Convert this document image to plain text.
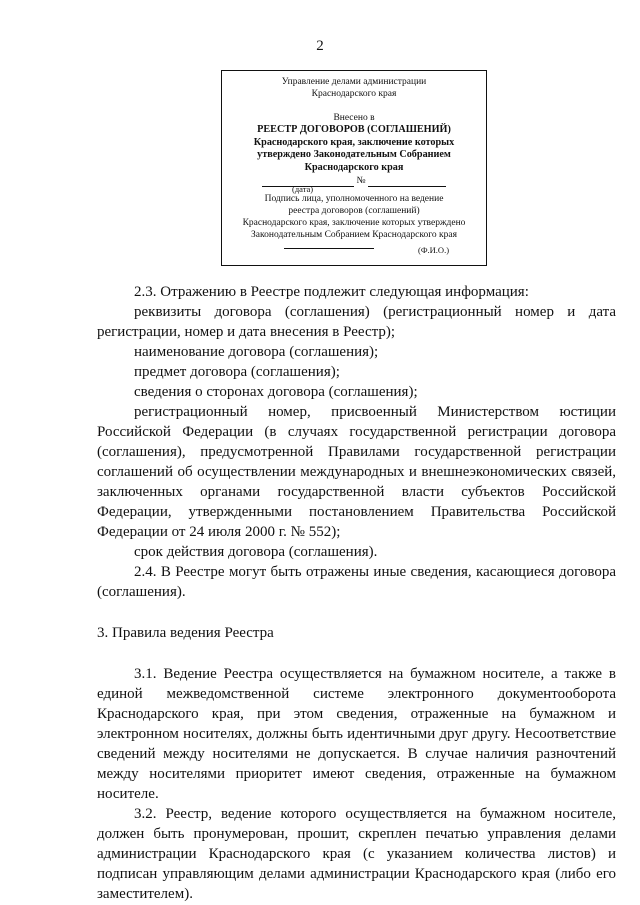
2
Управление делами администрации
Краснодарского края
Внесено в
РЕЕСТР ДОГОВОРОВ (СОГЛАШЕНИЙ)
Краснодарского края, заключение которых
утверждено Законодательным Собранием
Краснодарского края
№
(дата)
Подпись лица, уполномоченного на ведение
реестра договоров (соглашений)
Краснодарского края, заключение которых утверждено
Законодательным Собранием Краснодарского края
(Ф.И.О.)

2.3. Отражению в Реестре подлежит следующая информация:

реквизиты договора (соглашения) (регистрационный номер и дата

регистрации, номер и дата внесения в Реестр);

наименование договора (соглашения);

предмет договора (соглашения);

сведения о сторонах договора (соглашения);

регистрационный номер, присвоенный Министерством юстиции

Российской Федерации (в случаях государственной регистрации договора

(соглашения), предусмотренной Правилами государственной регистрации

соглашений об осуществлении международных и внешнеэкономических связей,

заключенных органами государственной власти субъектов Российской

Федерации, утвержденными постановлением Правительства Российской

Федерации от 24 июля 2000 г. № 552);

срок действия договора (соглашения).

2.4. В Реестре могут быть отражены иные сведения, касающиеся договора

(соглашения).

3. Правила ведения Реестра

3.1. Ведение Реестра осуществляется на бумажном носителе, а также в единой межведомственной системе электронного документооборота Краснодарского края, при этом сведения, отраженные на бумажном и электронном носителях, должны быть идентичными друг другу. Несоответствие сведений между носителями не допускается. В случае наличия разночтений между носителями приоритет имеют сведения, отраженные на бумажном носителе.

3.2. Реестр, ведение которого осуществляется на бумажном носителе, должен быть пронумерован, прошит, скреплен печатью управления делами администрации Краснодарского края (с указанием количества листов) и подписан управляющим делами администрации Краснодарского края (либо его заместителем).
